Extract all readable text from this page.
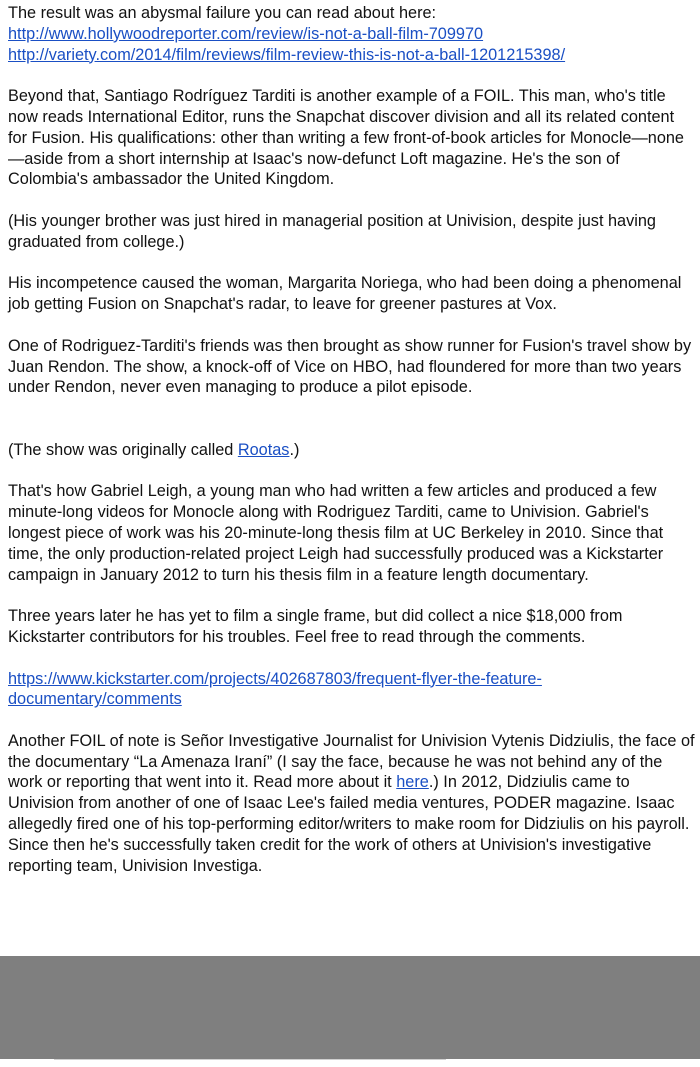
The result was an abysmal failure you can read about here:

http://www.hollywoodreporter.com/review/is-not-a-ball-film-709970
http://variety.com/2014/film/reviews/film-review-this-is-not-a-ball-1201215398/

Beyond that, Santiago Rodríguez Tarditi is another example of a FOIL. This man, who's title now reads International Editor, runs the Snapchat discover division and all its related content for Fusion. His qualifications: other than writing a few front-of-book articles for Monocle—none—aside from a short internship at Isaac's now-defunct Loft magazine. He's the son of Colombia's ambassador the United Kingdom.

(His younger brother was just hired in managerial position at Univision, despite just having graduated from college.)

His incompetence caused the woman, Margarita Noriega, who had been doing a phenomenal job getting Fusion on Snapchat's radar, to leave for greener pastures at Vox.

One of Rodriguez-Tarditi's friends was then brought as show runner for Fusion's travel show by Juan Rendon. The show, a knock-off of Vice on HBO, had floundered for more than two years under Rendon, never even managing to produce a pilot episode.

(The show was originally called Rootas.)

That's how Gabriel Leigh, a young man who had written a few articles and produced a few minute-long videos for Monocle along with Rodriguez Tarditi, came to Univision. Gabriel's longest piece of work was his 20-minute-long thesis film at UC Berkeley in 2010. Since that time, the only production-related project Leigh had successfully produced was a Kickstarter campaign in January 2012 to turn his thesis film in a feature length documentary.

Three years later he has yet to film a single frame, but did collect a nice $18,000 from Kickstarter contributors for his troubles. Feel free to read through the comments.

https://www.kickstarter.com/projects/402687803/frequent-flyer-the-feature-documentary/comments

Another FOIL of note is Señor Investigative Journalist for Univision Vytenis Didziulis, the face of the documentary “La Amenaza Iraní” (I say the face, because he was not behind any of the work or reporting that went into it. Read more about it here.) In 2012, Didziulis came to Univision from another of one of Isaac Lee's failed media ventures, PODER magazine. Isaac allegedly fired one of his top-performing editor/writers to make room for Didziulis on his payroll. Since then he's successfully taken credit for the work of others at Univision's investigative reporting team, Univision Investiga.
